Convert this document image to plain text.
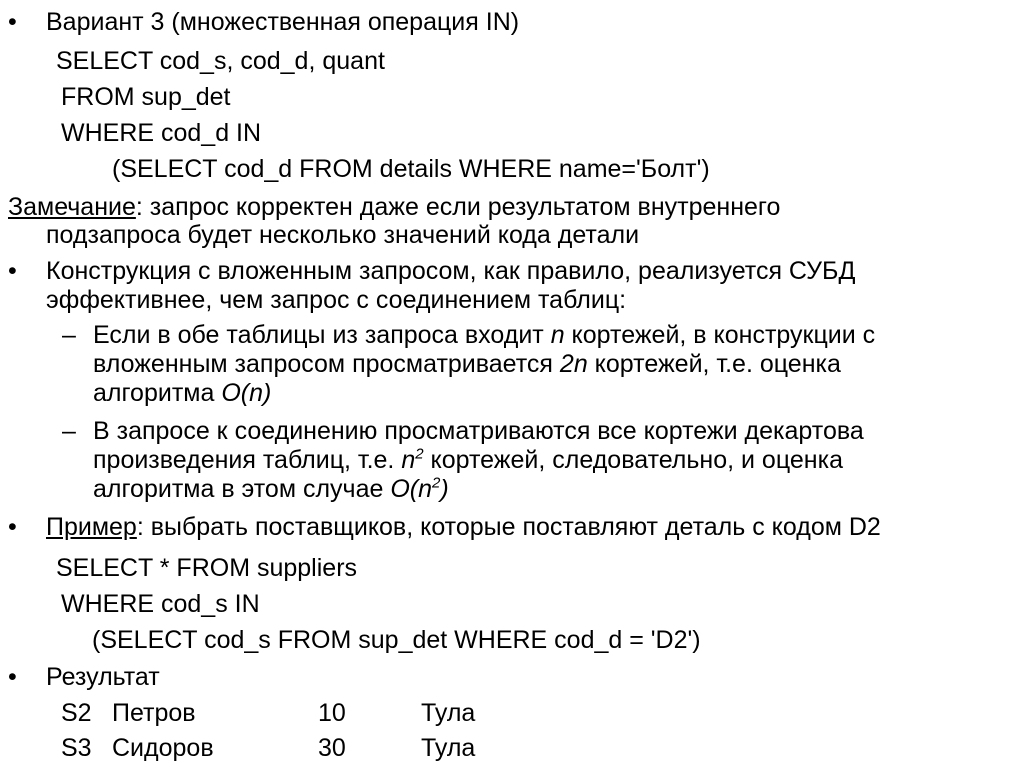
• Вариант 3 (множественная операция IN)
SELECT cod_s, cod_d, quant
FROM sup_det
WHERE cod_d IN
(SELECT cod_d FROM details WHERE name='Болт')
Замечание: запрос корректен даже если результатом внутреннего
подзапроса будет несколько значений кода детали
• Конструкция с вложенным запросом, как правило, реализуется СУБД
эффективнее, чем запрос с соединением таблиц:
– Если в обе таблицы из запроса входит n кортежей, в конструкции с
вложенным запросом просматривается 2n кортежей, т.е. оценка
алгоритма O(n)
– В запросе к соединению просматриваются все кортежи декартова
произведения таблиц, т.е. $n^2$ кортежей, следовательно, и оценка
алгоритма в этом случае $O(n^2)$
• Пример: выбрать поставщиков, которые поставляют деталь с кодом D2
SELECT * FROM suppliers
WHERE cod_s IN
(SELECT cod_s FROM sup_det WHERE cod_d = 'D2')
• Результат
S2 Петров	10	Тула
S3 Сидоров	30	Тула
